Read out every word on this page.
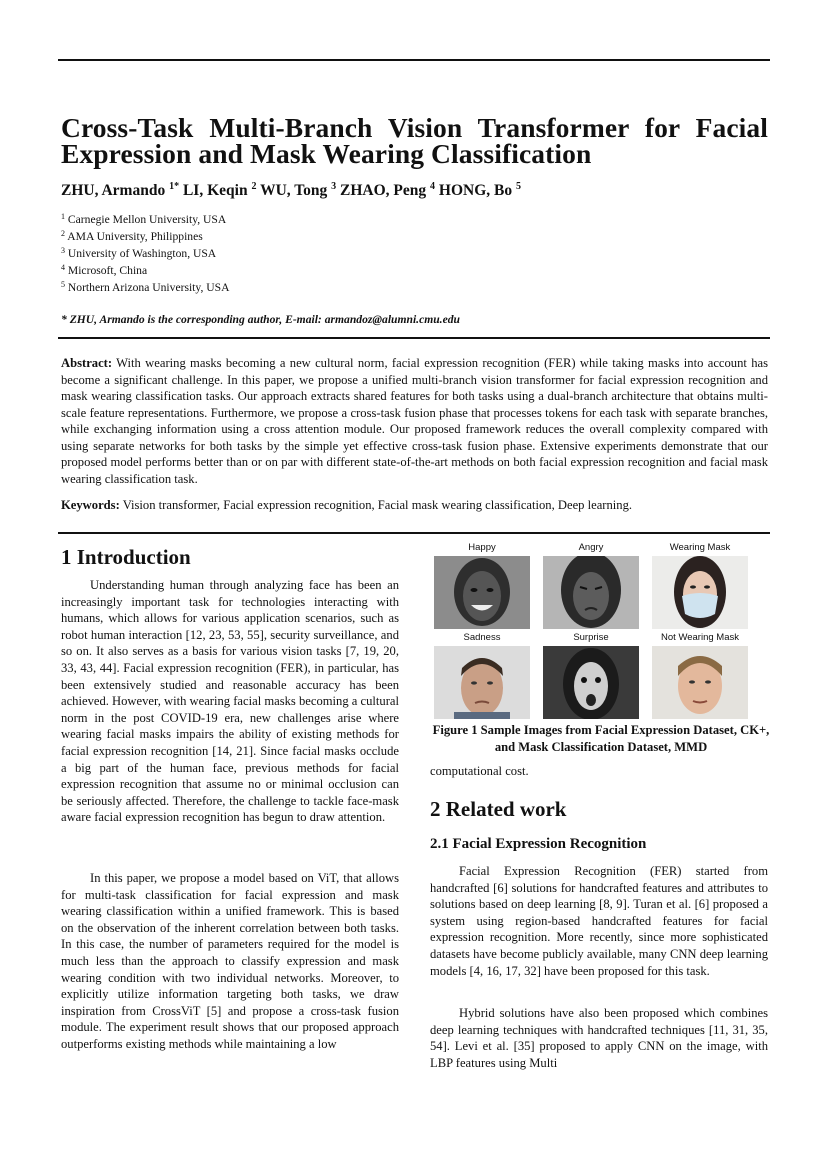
Cross-Task Multi-Branch Vision Transformer for Facial Expression and Mask Wearing Classification

ZHU, Armando $^{1*}$ LI, Keqin $^2$ WU, Tong $^3$ ZHAO, Peng $^4$ HONG, Bo $^5$

$^1$ Carnegie Mellon University, USA
$^2$ AMA University, Philippines
$^3$ University of Washington, USA
$^4$ Microsoft, China
$^5$ Northern Arizona University, USA

* ZHU, Armando is the corresponding author, E-mail: armandoz@alumni.cmu.edu

Abstract: With wearing masks becoming a new cultural norm, facial expression recognition (FER) while taking masks into account has become a significant challenge. In this paper, we propose a unified multi-branch vision transformer for facial expression recognition and mask wearing classification tasks. Our approach extracts shared features for both tasks using a dual-branch architecture that obtains multi-scale feature representations. Furthermore, we propose a cross-task fusion phase that processes tokens for each task with separate branches, while exchanging information using a cross attention module. Our proposed framework reduces the overall complexity compared with using separate networks for both tasks by the simple yet effective cross-task fusion phase. Extensive experiments demonstrate that our proposed model performs better than or on par with different state-of-the-art methods on both facial expression recognition and facial mask wearing classification task.

Keywords: Vision transformer, Facial expression recognition, Facial mask wearing classification, Deep learning.

1 Introduction

Understanding human through analyzing face has been an increasingly important task for technologies interacting with humans, which allows for various application scenarios, such as robot human interaction [12, 23, 53, 55], security surveillance, and so on. It also serves as a basis for various vision tasks [7, 19, 20, 33, 43, 44]. Facial expression recognition (FER), in particular, has been extensively studied and reasonable accuracy has been achieved. However, with wearing facial masks becoming a cultural norm in the post COVID-19 era, new challenges arise where wearing facial masks impairs the ability of existing methods for facial expression recognition [14, 21]. Since facial masks occlude a big part of the human face, previous methods for facial expression recognition that assume no or minimal occlusion can be seriously affected. Therefore, the challenge to tackle face-mask aware facial expression recognition has begun to draw attention.

In this paper, we propose a model based on ViT, that allows for multi-task classification for facial expression and mask wearing classification within a unified framework. This is based on the observation of the inherent correlation between both tasks. In this case, the number of parameters required for the model is much less than the approach to classify expression and mask wearing condition with two individual networks. Moreover, to explicitly utilize information targeting both tasks, we draw inspiration from CrossViT [5] and propose a cross-task fusion module. The experiment result shows that our proposed approach outperforms existing methods while maintaining a low

Happy	Angry	Wearing Mask
Sadness	Surprise	Not Wearing Mask

Figure 1 Sample Images from Facial Expression Dataset, CK+, and Mask Classification Dataset, MMD

computational cost.

2 Related work
2.1 Facial Expression Recognition

Facial Expression Recognition (FER) started from handcrafted [6] solutions for handcrafted features and attributes to solutions based on deep learning [8, 9]. Turan et al. [6] proposed a system using region-based handcrafted features for facial expression recognition. More recently, since more sophisticated datasets have become publicly available, many CNN deep learning models [4, 16, 17, 32] have been proposed for this task.

Hybrid solutions have also been proposed which combines deep learning techniques with handcrafted techniques [11, 31, 35, 54]. Levi et al. [35] proposed to apply CNN on the image, with LBP features using Multi
